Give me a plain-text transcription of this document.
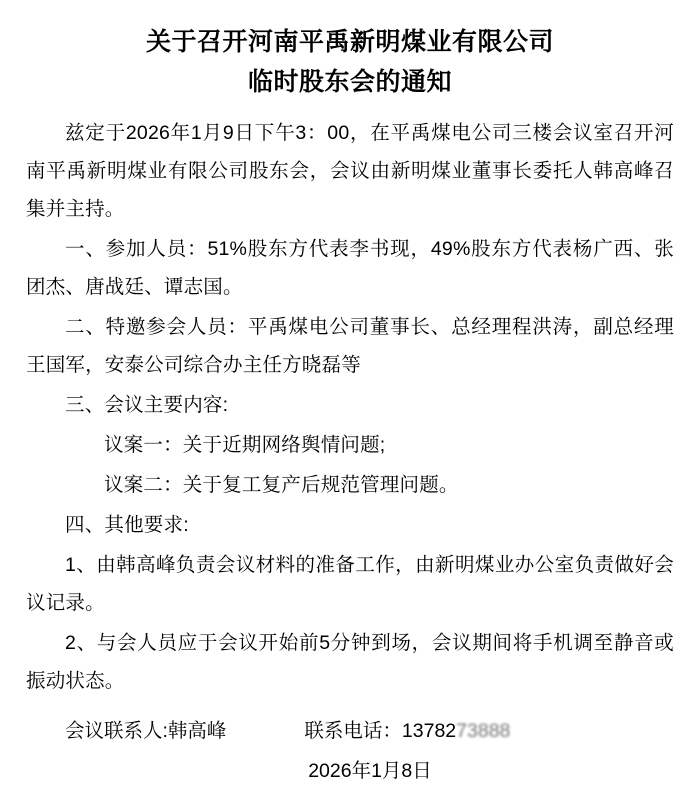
关于召开河南平禹新明煤业有限公司
临时股东会的通知

兹定于2026年1月9日下午3：00，在平禹煤电公司三楼会议室召开河南平禹新明煤业有限公司股东会，会议由新明煤业董事长委托人韩高峰召集并主持。

一、参加人员：51%股东方代表李书现，49%股东方代表杨广西、张团杰、唐战廷、谭志国。

二、特邀参会人员：平禹煤电公司董事长、总经理程洪涛，副总经理王国军，安泰公司综合办主任方晓磊等

三、会议主要内容:

议案一：关于近期网络舆情问题;

议案二：关于复工复产后规范管理问题。

四、其他要求:

1、由韩高峰负责会议材料的准备工作，由新明煤业办公室负责做好会议记录。

2、与会人员应于会议开始前5分钟到场，会议期间将手机调至静音或振动状态。

会议联系人:韩高峰	联系电话：1378273888
2026年1月8日
